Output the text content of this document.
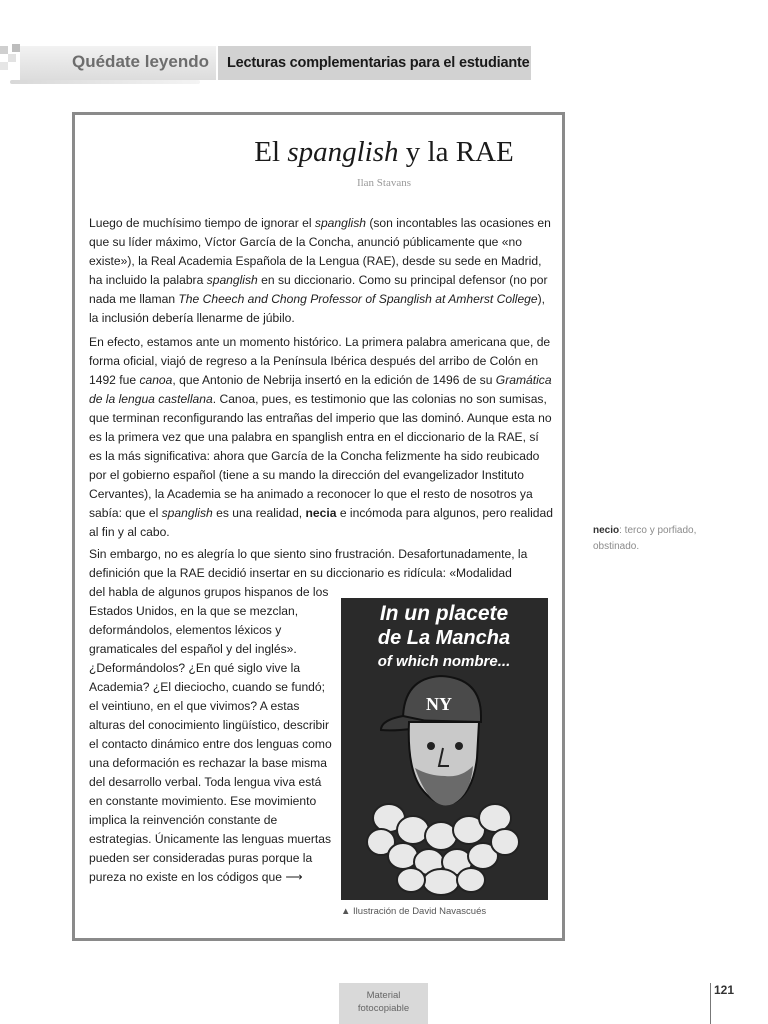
Quédate leyendo Lecturas complementarias para el estudiante
El spanglish y la RAE
Ilan Stavans
Luego de muchísimo tiempo de ignorar el spanglish (son incontables las ocasiones en que su líder máximo, Víctor García de la Concha, anunció públicamente que «no existe»), la Real Academia Española de la Lengua (RAE), desde su sede en Madrid, ha incluido la palabra spanglish en su diccionario. Como su principal defensor (no por nada me llaman The Cheech and Chong Professor of Spanglish at Amherst College), la inclusión debería llenarme de júbilo.
En efecto, estamos ante un momento histórico. La primera palabra americana que, de forma oficial, viajó de regreso a la Península Ibérica después del arribo de Colón en 1492 fue canoa, que Antonio de Nebrija insertó en la edición de 1496 de su Gramática de la lengua castellana. Canoa, pues, es testimonio que las colonias no son sumisas, que terminan reconfigurando las entrañas del imperio que las dominó. Aunque esta no es la primera vez que una palabra en spanglish entra en el diccionario de la RAE, sí es la más significativa: ahora que García de la Concha felizmente ha sido reubicado por el gobierno español (tiene a su mando la dirección del evangelizador Instituto Cervantes), la Academia se ha animado a reconocer lo que el resto de nosotros ya sabía: que el spanglish es una realidad, necia e incómoda para algunos, pero realidad al fin y al cabo.
Sin embargo, no es alegría lo que siento sino frustración. Desafortunadamente, la definición que la RAE decidió insertar en su diccionario es ridícula: «Modalidad
del habla de algunos grupos hispanos de los Estados Unidos, en la que se mezclan, deformándolos, elementos léxicos y gramaticales del español y del inglés». ¿Deformándolos? ¿En qué siglo vive la Academia? ¿El dieciocho, cuando se fundó; el veintiuno, en el que vivimos? A estas alturas del conocimiento lingüístico, describir el contacto dinámico entre dos lenguas como una deformación es rechazar la base misma del desarrollo verbal. Toda lengua viva está en constante movimiento. Ese movimiento implica la reinvención constante de estrategias. Únicamente las lenguas muertas pueden ser consideradas puras porque la pureza no existe en los códigos que ⟶
In un placete
de La Mancha
of which nombre...
NY
▲ Ilustración de David Navascués
necio: terco y porfiado, obstinado.
Material
fotocopiable
121
